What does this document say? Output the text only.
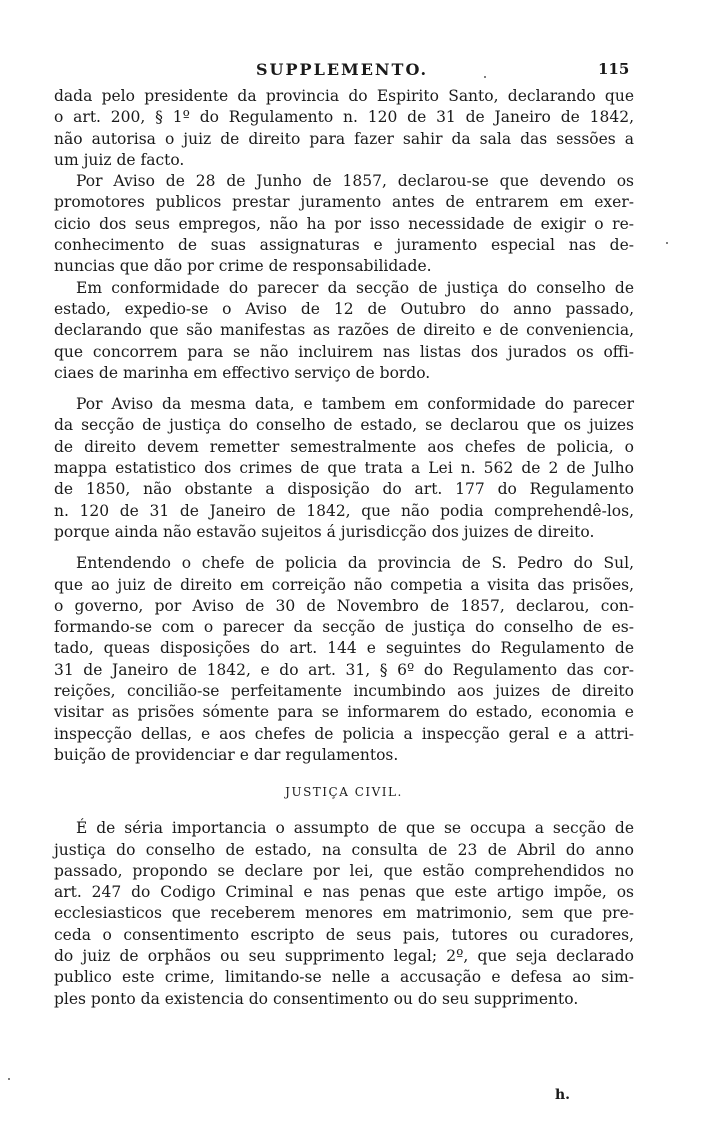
SUPPLEMENTO.	115
dada pelo presidente da provincia do Espirito Santo, declarando que
o art. 200, § 1º do Regulamento n. 120 de 31 de Janeiro de 1842,
não autorisa o juiz de direito para fazer sahir da sala das sessões a
um juiz de facto.
Por Aviso de 28 de Junho de 1857, declarou-se que devendo os
promotores publicos prestar juramento antes de entrarem em exer-
cicio dos seus empregos, não ha por isso necessidade de exigir o re-
conhecimento de suas assignaturas e juramento especial nas de-
nuncias que dão por crime de responsabilidade.
Em conformidade do parecer da secção de justiça do conselho de
estado, expedio-se o Aviso de 12 de Outubro do anno passado,
declarando que são manifestas as razões de direito e de conveniencia,
que concorrem para se não incluirem nas listas dos jurados os offi-
ciaes de marinha em effectivo serviço de bordo.
Por Aviso da mesma data, e tambem em conformidade do parecer
da secção de justiça do conselho de estado, se declarou que os juizes
de direito devem remetter semestralmente aos chefes de policia, o
mappa estatistico dos crimes de que trata a Lei n. 562 de 2 de Julho
de 1850, não obstante a disposição do art. 177 do Regulamento
n. 120 de 31 de Janeiro de 1842, que não podia comprehendê-los,
porque ainda não estavão sujeitos á jurisdicção dos juizes de direito.
Entendendo o chefe de policia da provincia de S. Pedro do Sul,
que ao juiz de direito em correição não competia a visita das prisões,
o governo, por Aviso de 30 de Novembro de 1857, declarou, con-
formando-se com o parecer da secção de justiça do conselho de es-
tado, queas disposições do art. 144 e seguintes do Regulamento de
31 de Janeiro de 1842, e do art. 31, § 6º do Regulamento das cor-
reições, concilião-se perfeitamente incumbindo aos juizes de direito
visitar as prisões sómente para se informarem do estado, economia e
inspecção dellas, e aos chefes de policia a inspecção geral e a attri-
buição de providenciar e dar regulamentos.
JUSTIÇA CIVIL.
É de séria importancia o assumpto de que se occupa a secção de
justiça do conselho de estado, na consulta de 23 de Abril do anno
passado, propondo se declare por lei, que estão comprehendidos no
art. 247 do Codigo Criminal e nas penas que este artigo impõe, os
ecclesiasticos que receberem menores em matrimonio, sem que pre-
ceda o consentimento escripto de seus pais, tutores ou curadores,
do juiz de orphãos ou seu supprimento legal; 2º, que seja declarado
publico este crime, limitando-se nelle a accusação e defesa ao sim-
ples ponto da existencia do consentimento ou do seu supprimento.
h.
